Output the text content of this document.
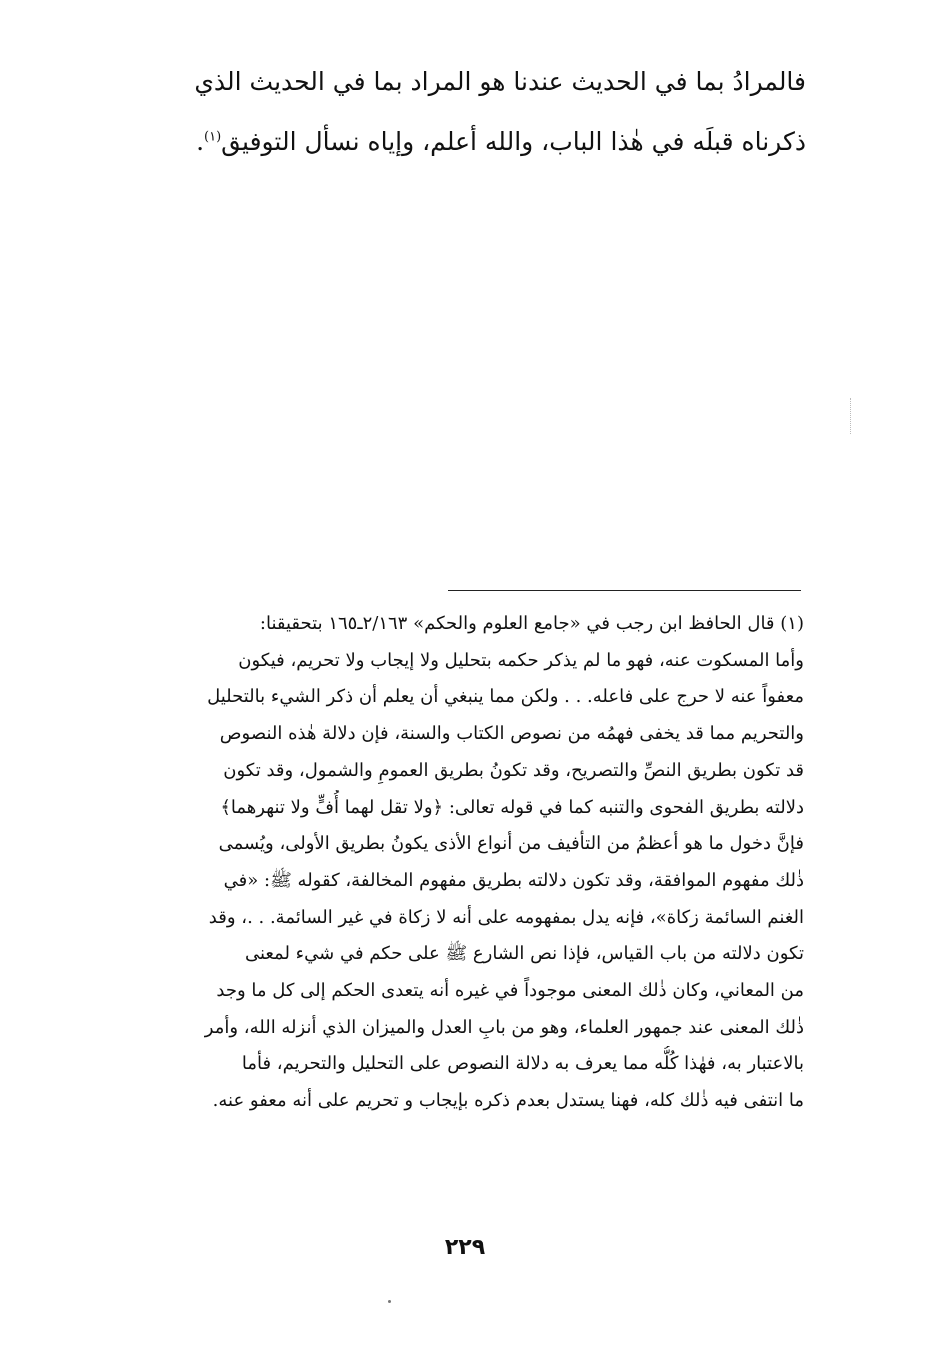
فالمرادُ بما في الحديث عندنا هو المراد بما في الحديث الذي
ذكرناه قبلَه في هٰذا الباب، والله أعلم، وإياه نسأل التوفيق$^{(١)}$.
(١) قال الحافظ ابن رجب في «جامع العلوم والحكم» ٢/١٦٣ـ١٦٥ بتحقيقنا:
وأما المسكوت عنه، فهو ما لم يذكر حكمه بتحليل ولا إيجاب ولا تحريم، فيكون
معفواً عنه لا حرج على فاعله. . . ولكن مما ينبغي أن يعلم أن ذكر الشيء بالتحليل
والتحريم مما قد يخفى فهمُه من نصوص الكتاب والسنة، فإن دلالة هٰذه النصوص
قد تكون بطريق النصِّ والتصريح، وقد تكونُ بطريق العمومِ والشمول، وقد تكون
دلالته بطريق الفحوى والتنبه كما في قوله تعالى: ﴿ولا تقل لهما أُفٍّ ولا تنهرهما﴾
فإنَّ دخول ما هو أعظمُ من التأفيف من أنواع الأذى يكونُ بطريق الأولى، ويُسمى
ذٰلك مفهوم الموافقة، وقد تكون دلالته بطريق مفهوم المخالفة، كقوله ﷺ: «في
الغنم السائمة زكاة»، فإنه يدل بمفهومه على أنه لا زكاة في غير السائمة. . .، وقد
تكون دلالته من باب القياس، فإذا نص الشارع ﷺ على حكم في شيء لمعنى
من المعاني، وكان ذٰلك المعنى موجوداً في غيره أنه يتعدى الحكم إلى كل ما وجد
ذٰلك المعنى عند جمهور العلماء، وهو من بابِ العدل والميزان الذي أنزله الله، وأمر
بالاعتبار به، فهٰذا كُلُّه مما يعرف به دلالة النصوص على التحليل والتحريم، فأما
ما انتفى فيه ذٰلك كله، فهنا يستدل بعدم ذكره بإيجاب و تحريم على أنه معفو عنه.
٢٢٩
